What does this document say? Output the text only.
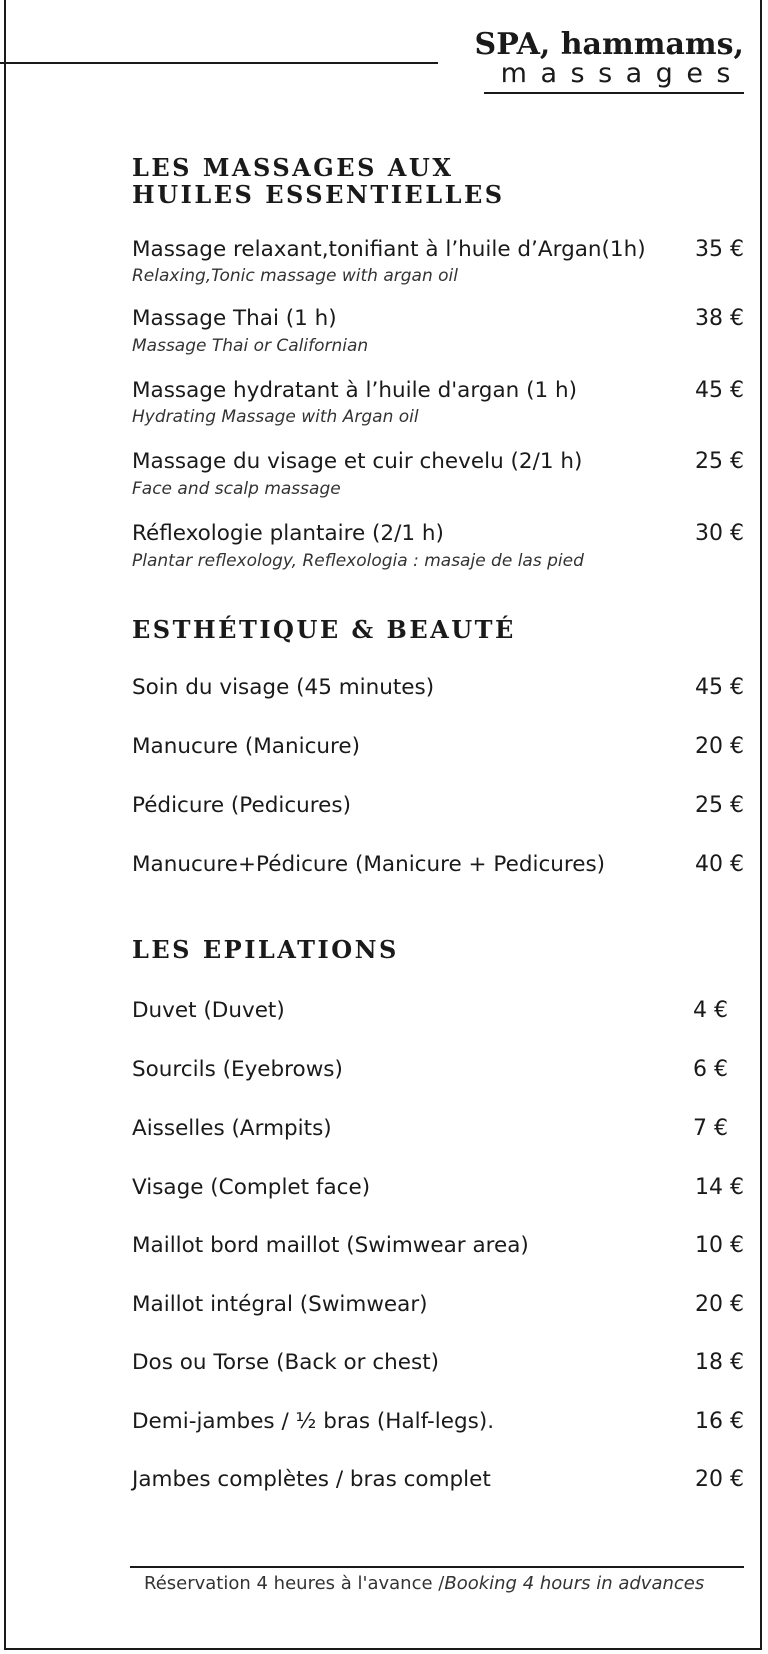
SPA, hammams,
massages
LES MASSAGES AUX
HUILES ESSENTIELLES
Massage relaxant,tonifiant à l’huile d’Argan(1h) 35 €
Relaxing,Tonic massage with argan oil
Massage Thai (1 h)	38 €
Massage Thai or Californian
Massage hydratant à l’huile d'argan (1 h)	45 €
Hydrating Massage with Argan oil
Massage du visage et cuir chevelu (2/1 h)	25 €
Face and scalp massage
Réflexologie plantaire (2/1 h)	30 €
Plantar reflexology, Reflexologia : masaje de las pied
ESTHÉTIQUE & BEAUTÉ
Soin du visage (45 minutes)	45 €
Manucure (Manicure)	20 €
Pédicure (Pedicures)	25 €
Manucure+Pédicure (Manicure + Pedicures)	40 €
LES EPILATIONS
Duvet (Duvet)	4 €
Sourcils (Eyebrows)	6 €
Aisselles (Armpits)	7 €
Visage (Complet face)	14 €
Maillot bord maillot (Swimwear area)	10 €
Maillot intégral (Swimwear)	20 €
Dos ou Torse (Back or chest)	18 €
Demi-jambes / ½ bras (Half-legs).	16 €
Jambes complètes / bras complet	20 €
Réservation 4 heures à l'avance /Booking 4 hours in advances
